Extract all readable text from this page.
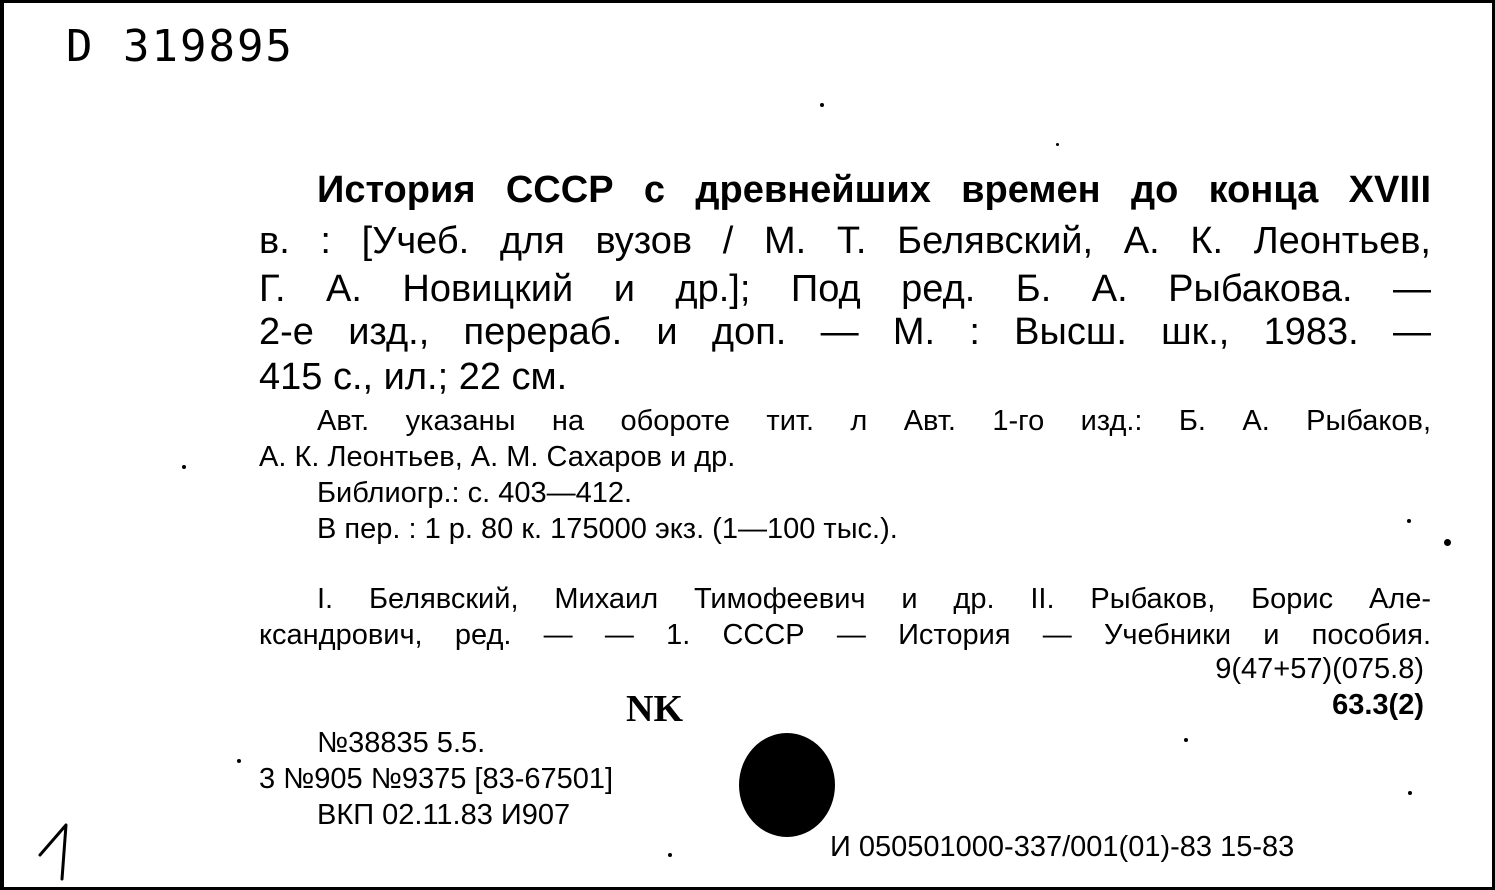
D 319895
История СССР с древнейших времен до конца XVIII
в. : [Учеб. для вузов / М. Т. Белявский, А. К. Леонтьев,
Г. А. Новицкий и др.]; Под ред. Б. А. Рыбакова. —
2-е изд., перераб. и доп. — М. : Высш. шк., 1983. —
415 с., ил.; 22 см.
Авт. указаны на обороте тит. л Авт. 1-го изд.: Б. А. Рыбаков,
А. К. Леонтьев, А. М. Сахаров и др.
Библиогр.: с. 403—412.
В пер. : 1 р. 80 к. 175000 экз. (1—100 тыс.).
I. Белявский, Михаил Тимофеевич и др. II. Рыбаков, Борис Але-
ксандрович, ред. — — 1. СССР — История — Учебники и пособия.
9(47+57)(075.8)
63.3(2)
NK
№38835 5.5.
3 №905 №9375 [83-67501]
ВКП 02.11.83 И907
И 050501000-337/001(01)-83 15-83
